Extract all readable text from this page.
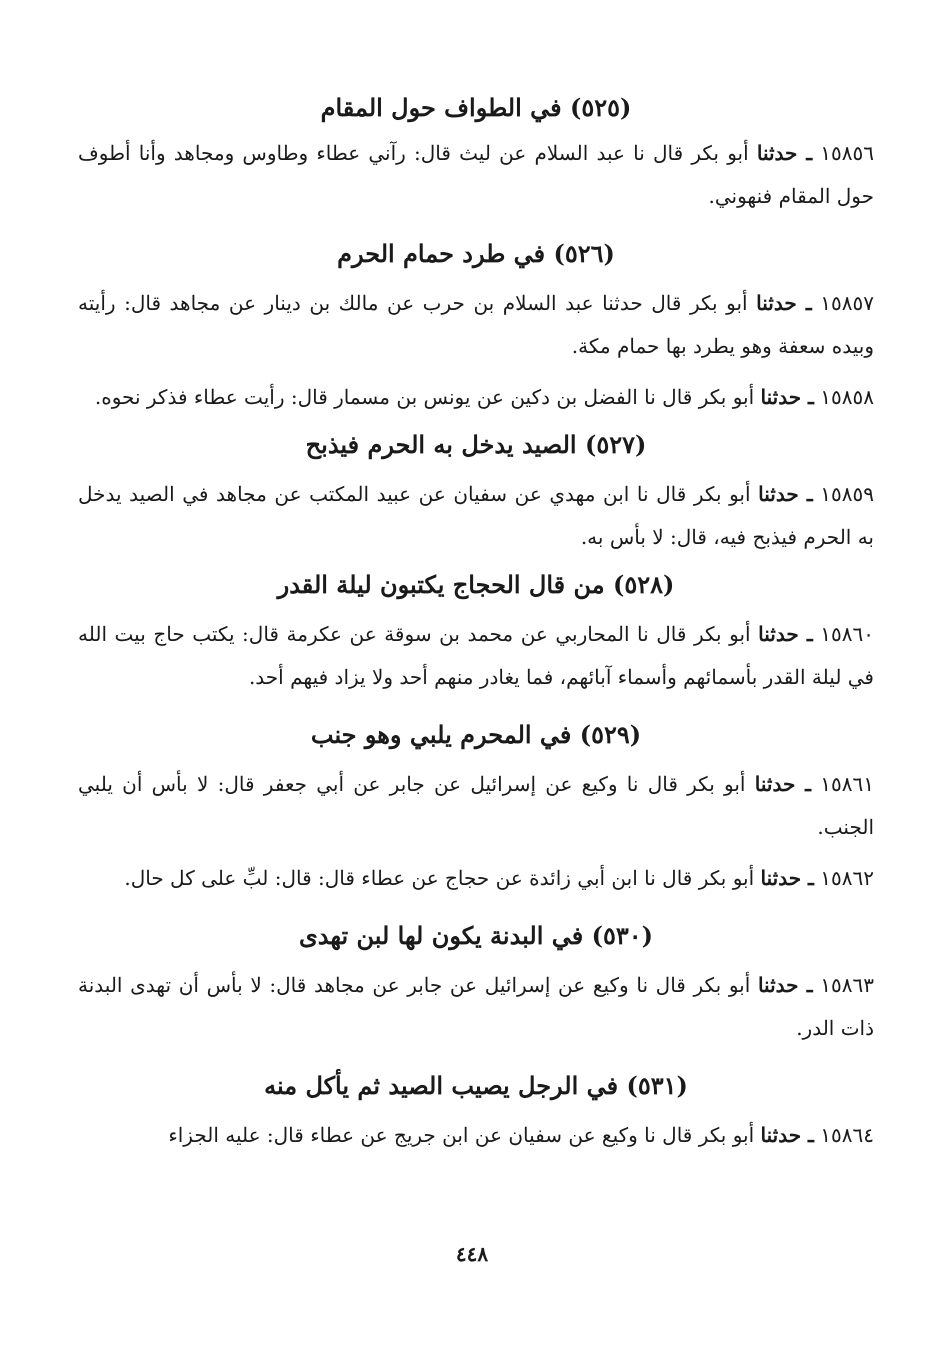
(٥٢٥) في الطواف حول المقام

١٥٨٥٦ ـ حدثنا أبو بكر قال نا عبد السلام عن ليث قال: رآني عطاء وطاوس ومجاهد وأنا أطوف حول المقام فنهوني.

(٥٢٦) في طرد حمام الحرم

١٥٨٥٧ ـ حدثنا أبو بكر قال حدثنا عبد السلام بن حرب عن مالك بن دينار عن مجاهد قال: رأيته وبيده سعفة وهو يطرد بها حمام مكة.

١٥٨٥٨ ـ حدثنا أبو بكر قال نا الفضل بن دكين عن يونس بن مسمار قال: رأيت عطاء فذكر نحوه.

(٥٢٧) الصيد يدخل به الحرم فيذبح

١٥٨٥٩ ـ حدثنا أبو بكر قال نا ابن مهدي عن سفيان عن عبيد المكتب عن مجاهد في الصيد يدخل به الحرم فيذبح فيه، قال: لا بأس به.

(٥٢٨) من قال الحجاج يكتبون ليلة القدر

١٥٨٦٠ ـ حدثنا أبو بكر قال نا المحاربي عن محمد بن سوقة عن عكرمة قال: يكتب حاج بيت الله في ليلة القدر بأسمائهم وأسماء آبائهم، فما يغادر منهم أحد ولا يزاد فيهم أحد.

(٥٢٩) في المحرم يلبي وهو جنب

١٥٨٦١ ـ حدثنا أبو بكر قال نا وكيع عن إسرائيل عن جابر عن أبي جعفر قال: لا بأس أن يلبي الجنب.

١٥٨٦٢ ـ حدثنا أبو بكر قال نا ابن أبي زائدة عن حجاج عن عطاء قال: قال: لبِّ على كل حال.

(٥٣٠) في البدنة يكون لها لبن تهدى

١٥٨٦٣ ـ حدثنا أبو بكر قال نا وكيع عن إسرائيل عن جابر عن مجاهد قال: لا بأس أن تهدى البدنة ذات الدر.

(٥٣١) في الرجل يصيب الصيد ثم يأكل منه

١٥٨٦٤ ـ حدثنا أبو بكر قال نا وكيع عن سفيان عن ابن جريج عن عطاء قال: عليه الجزاء

٤٤٨
